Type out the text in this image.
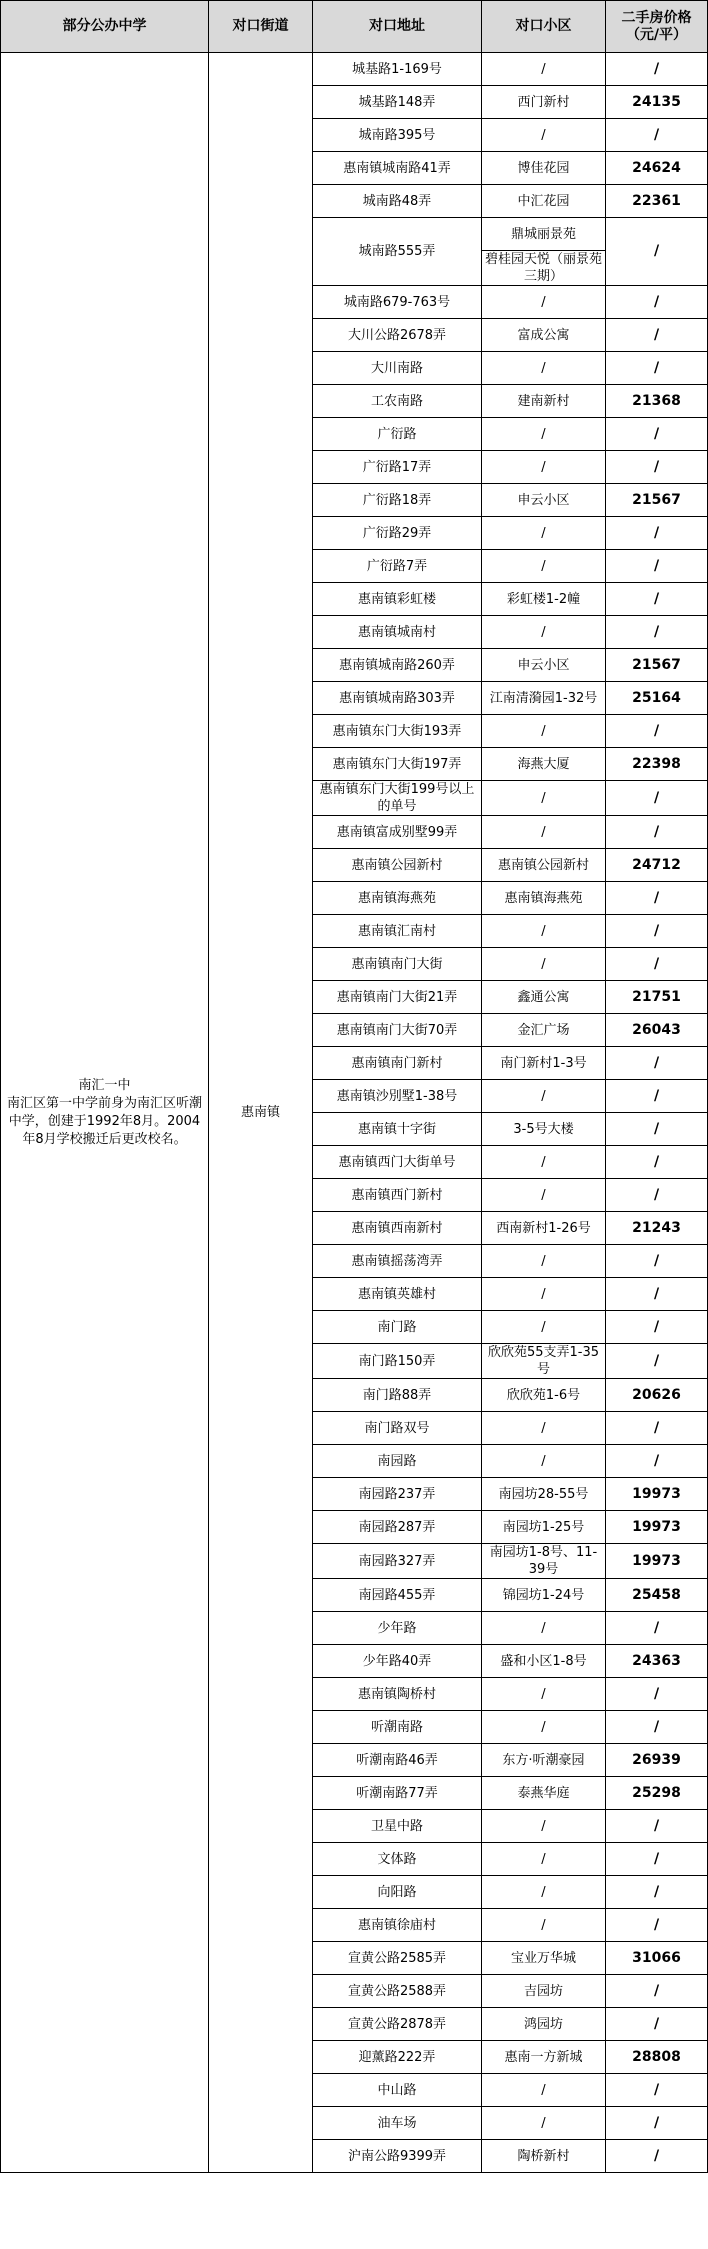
部分公办中学	对口街道	对口地址	对口小区	二手房价格（元/平）

南汇一中
南汇区第一中学前身为南汇区听潮中学，创建于1992年8月。2004年8月学校搬迁后更改校名。	惠南镇	城基路1-169号	/	/
		城基路148弄	西门新村	24135
		城南路395号	/	/
		惠南镇城南路41弄	博佳花园	24624
		城南路48弄	中汇花园	22361
		城南路555弄	鼎城丽景苑	/
			碧桂园天悦（丽景苑三期）	
		城南路679-763号	/	/
		大川公路2678弄	富成公寓	/
		大川南路	/	/
		工农南路	建南新村	21368
		广衍路	/	/
		广衍路17弄	/	/
		广衍路18弄	申云小区	21567
		广衍路29弄	/	/
		广衍路7弄	/	/
		惠南镇彩虹楼	彩虹楼1-2幢	/
		惠南镇城南村	/	/
		惠南镇城南路260弄	申云小区	21567
		惠南镇城南路303弄	江南清漪园1-32号	25164
		惠南镇东门大街193弄	/	/
		惠南镇东门大街197弄	海燕大厦	22398
		惠南镇东门大街199号以上的单号	/	/
		惠南镇富成别墅99弄	/	/
		惠南镇公园新村	惠南镇公园新村	24712
		惠南镇海燕苑	惠南镇海燕苑	/
		惠南镇汇南村	/	/
		惠南镇南门大街	/	/
		惠南镇南门大街21弄	鑫通公寓	21751
		惠南镇南门大街70弄	金汇广场	26043
		惠南镇南门新村	南门新村1-3号	/
		惠南镇沙別墅1-38号	/	/
		惠南镇十字街	3-5号大楼	/
		惠南镇西门大街单号	/	/
		惠南镇西门新村	/	/
		惠南镇西南新村	西南新村1-26号	21243
		惠南镇摇荡湾弄	/	/
		惠南镇英雄村	/	/
		南门路	/	/
		南门路150弄	欣欣苑55支弄1-35号	/
		南门路88弄	欣欣苑1-6号	20626
		南门路双号	/	/
		南园路	/	/
		南园路237弄	南园坊28-55号	19973
		南园路287弄	南园坊1-25号	19973
		南园路327弄	南园坊1-8号、11-39号	19973
		南园路455弄	锦园坊1-24号	25458
		少年路	/	/
		少年路40弄	盛和小区1-8号	24363
		惠南镇陶桥村	/	/
		听潮南路	/	/
		听潮南路46弄	东方·听潮豪园	26939
		听潮南路77弄	泰燕华庭	25298
		卫星中路	/	/
		文体路	/	/
		向阳路	/	/
		惠南镇徐庙村	/	/
		宣黄公路2585弄	宝业万华城	31066
		宣黄公路2588弄	吉园坊	/
		宣黄公路2878弄	鸿园坊	/
		迎薰路222弄	惠南一方新城	28808
		中山路	/	/
		油车场	/	/
		沪南公路9399弄	陶桥新村	/
